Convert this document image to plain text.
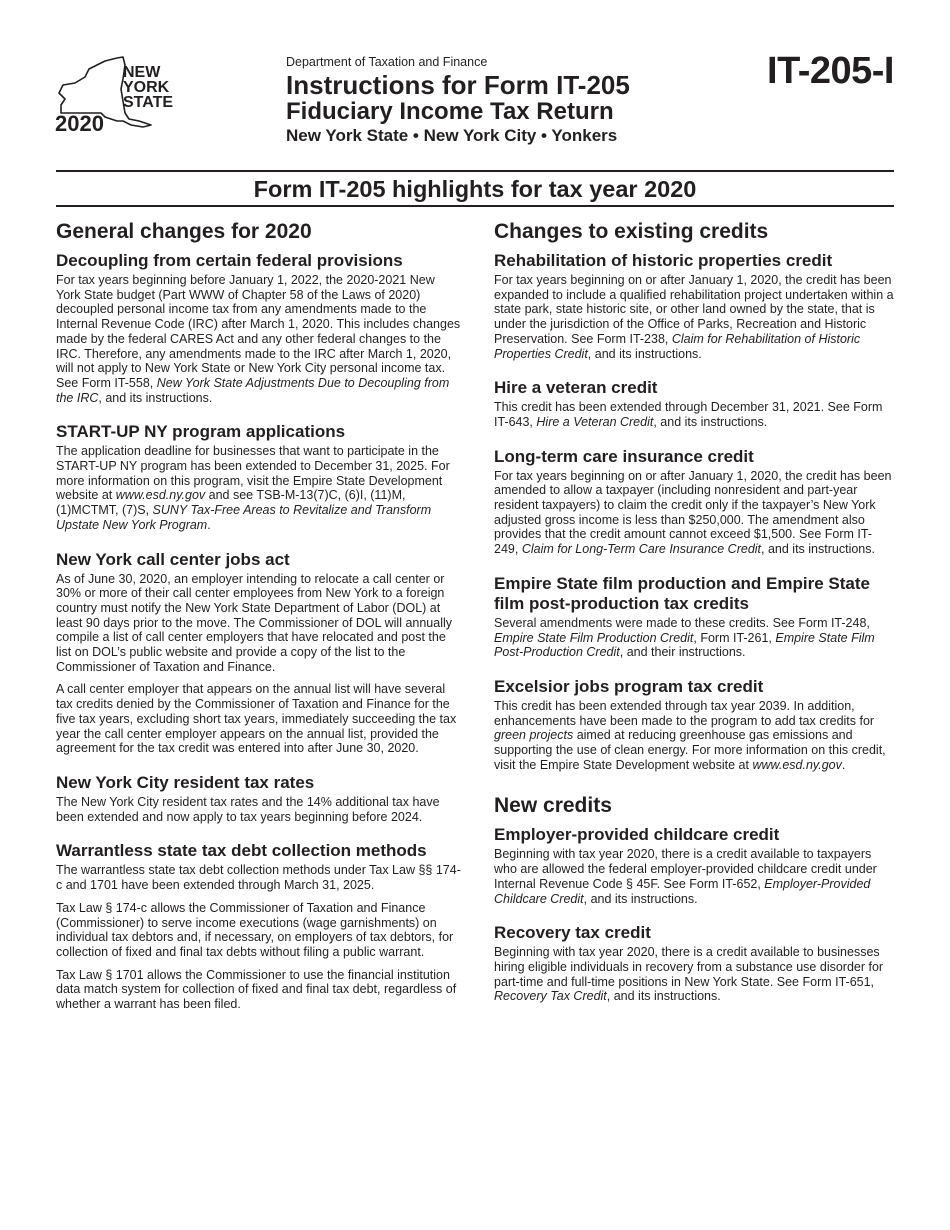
NEW
YORK
STATE
2020
Department of Taxation and Finance
Instructions for Form IT-205
Fiduciary Income Tax Return
New York State • New York City • Yonkers
IT-205-I
Form IT-205 highlights for tax year 2020
General changes for 2020
Decoupling from certain federal provisions

For tax years beginning before January 1, 2022, the 2020-2021 New York State budget (Part WWW of Chapter 58 of the Laws of 2020) decoupled personal income tax from any amendments made to the Internal Revenue Code (IRC) after March 1, 2020. This includes changes made by the federal CARES Act and any other federal changes to the IRC. Therefore, any amendments made to the IRC after March 1, 2020, will not apply to New York State or New York City personal income tax. See Form IT-558, New York State Adjustments Due to Decoupling from the IRC, and its instructions.

START-UP NY program applications

The application deadline for businesses that want to participate in the START-UP NY program has been extended to December 31, 2025. For more information on this program, visit the Empire State Development website at www.esd.ny.gov and see TSB-M-13(7)C, (6)I, (11)M, (1)MCTMT, (7)S, SUNY Tax-Free Areas to Revitalize and Transform Upstate New York Program.

New York call center jobs act

As of June 30, 2020, an employer intending to relocate a call center or 30% or more of their call center employees from New York to a foreign country must notify the New York State Department of Labor (DOL) at least 90 days prior to the move. The Commissioner of DOL will annually compile a list of call center employers that have relocated and post the list on DOL’s public website and provide a copy of the list to the Commissioner of Taxation and Finance.

A call center employer that appears on the annual list will have several tax credits denied by the Commissioner of Taxation and Finance for the five tax years, excluding short tax years, immediately succeeding the tax year the call center employer appears on the annual list, provided the agreement for the tax credit was entered into after June 30, 2020.

New York City resident tax rates

The New York City resident tax rates and the 14% additional tax have been extended and now apply to tax years beginning before 2024.

Warrantless state tax debt collection methods

The warrantless state tax debt collection methods under Tax Law §§ 174-c and 1701 have been extended through March 31, 2025.

Tax Law § 174-c allows the Commissioner of Taxation and Finance (Commissioner) to serve income executions (wage garnishments) on individual tax debtors and, if necessary, on employers of tax debtors, for collection of fixed and final tax debts without filing a public warrant.

Tax Law § 1701 allows the Commissioner to use the financial institution data match system for collection of fixed and final tax debt, regardless of whether a warrant has been filed.

Changes to existing credits
Rehabilitation of historic properties credit

For tax years beginning on or after January 1, 2020, the credit has been expanded to include a qualified rehabilitation project undertaken within a state park, state historic site, or other land owned by the state, that is under the jurisdiction of the Office of Parks, Recreation and Historic Preservation. See Form IT-238, Claim for Rehabilitation of Historic Properties Credit, and its instructions.

Hire a veteran credit

This credit has been extended through December 31, 2021. See Form IT-643, Hire a Veteran Credit, and its instructions.

Long-term care insurance credit

For tax years beginning on or after January 1, 2020, the credit has been amended to allow a taxpayer (including nonresident and part-year resident taxpayers) to claim the credit only if the taxpayer’s New York adjusted gross income is less than $250,000. The amendment also provides that the credit amount cannot exceed $1,500. See Form IT-249, Claim for Long-Term Care Insurance Credit, and its instructions.

Empire State film production and Empire State film post-production tax credits

Several amendments were made to these credits. See Form IT-248, Empire State Film Production Credit, Form IT-261, Empire State Film Post-Production Credit, and their instructions.

Excelsior jobs program tax credit

This credit has been extended through tax year 2039. In addition, enhancements have been made to the program to add tax credits for green projects aimed at reducing greenhouse gas emissions and supporting the use of clean energy. For more information on this credit, visit the Empire State Development website at www.esd.ny.gov.

New credits
Employer-provided childcare credit

Beginning with tax year 2020, there is a credit available to taxpayers who are allowed the federal employer-provided childcare credit under Internal Revenue Code § 45F. See Form IT-652, Employer-Provided Childcare Credit, and its instructions.

Recovery tax credit

Beginning with tax year 2020, there is a credit available to businesses hiring eligible individuals in recovery from a substance use disorder for part-time and full-time positions in New York State. See Form IT-651, Recovery Tax Credit, and its instructions.
